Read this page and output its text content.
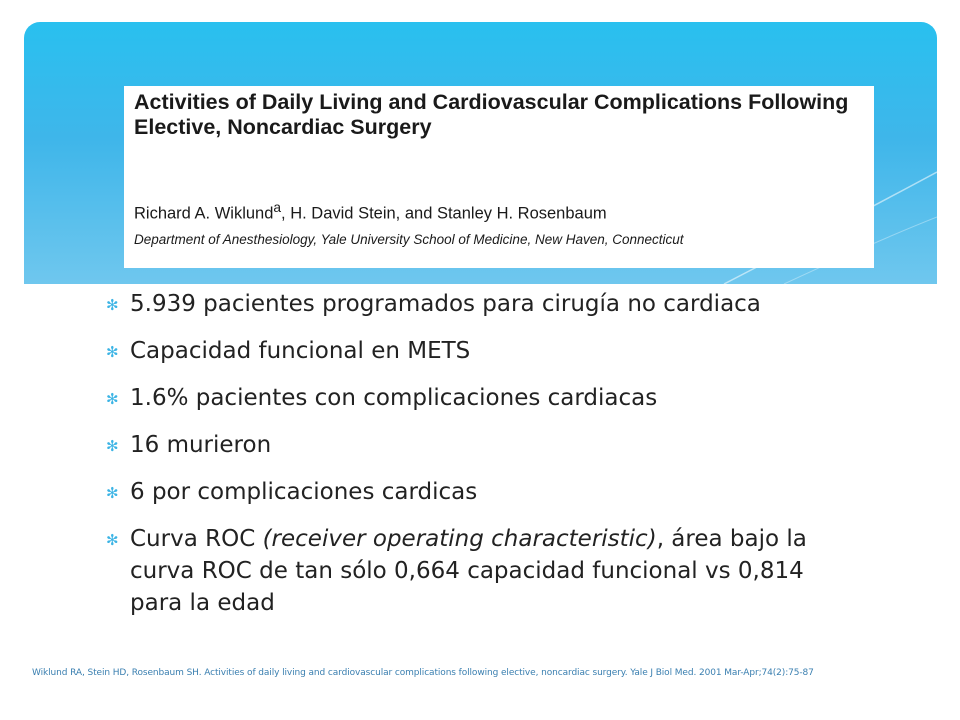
Activities of Daily Living and Cardiovascular Complications Following Elective, Noncardiac Surgery
Richard A. Wiklund$^a$, H. David Stein, and Stanley H. Rosenbaum
Department of Anesthesiology, Yale University School of Medicine, New Haven, Connecticut
✻ 5.939 pacientes programados para cirugía no cardiaca
✻ Capacidad funcional en METS
✻ 1.6% pacientes con complicaciones cardiacas
✻ 16 murieron
✻ 6 por complicaciones cardicas
✻ Curva ROC (receiver operating characteristic), área bajo la curva ROC de tan sólo 0,664 capacidad funcional vs 0,814 para la edad
Wiklund RA, Stein HD, Rosenbaum SH. Activities of daily living and cardiovascular complications following elective, noncardiac surgery. Yale J Biol Med. 2001 Mar-Apr;74(2):75-87
